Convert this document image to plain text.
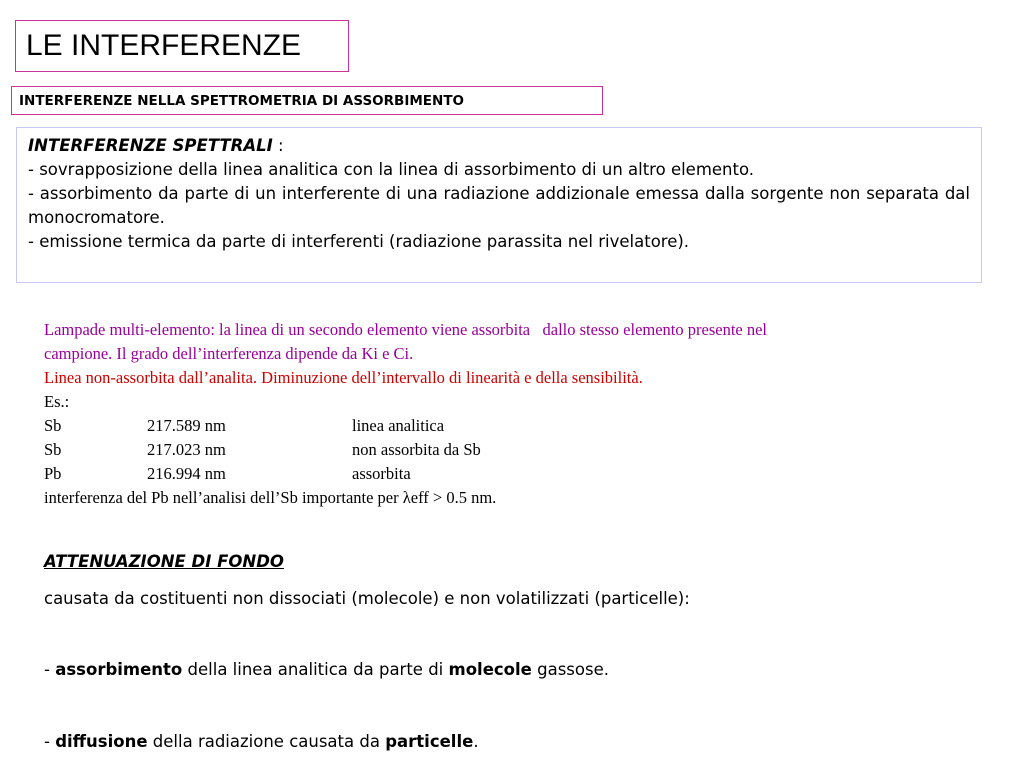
LE INTERFERENZE
INTERFERENZE NELLA SPETTROMETRIA DI ASSORBIMENTO

INTERFERENZE SPETTRALI :

- sovrapposizione della linea analitica con la linea di assorbimento di un altro elemento.

- assorbimento da parte di un interferente di una radiazione addizionale emessa dalla sorgente non separata dal monocromatore.

- emissione termica da parte di interferenti (radiazione parassita nel rivelatore).

Lampade multi-elemento: la linea di un secondo elemento viene assorbita   dallo stesso elemento presente nel

campione. Il grado dell’interferenza dipende da Ki e Ci.

Linea non-assorbita dall’analita. Diminuzione dell’intervallo di linearità e della sensibilità.

Es.:

Sb	217.589 nm	linea analitica
Sb	217.023 nm	non assorbita da Sb
Pb	216.994 nm	assorbita

interferenza del Pb nell’analisi dell’Sb importante per λeff > 0.5 nm.

ATTENUAZIONE DI FONDO

causata da costituenti non dissociati (molecole) e non volatilizzati (particelle):

- assorbimento della linea analitica da parte di molecole gassose.

- diffusione della radiazione causata da particelle.
